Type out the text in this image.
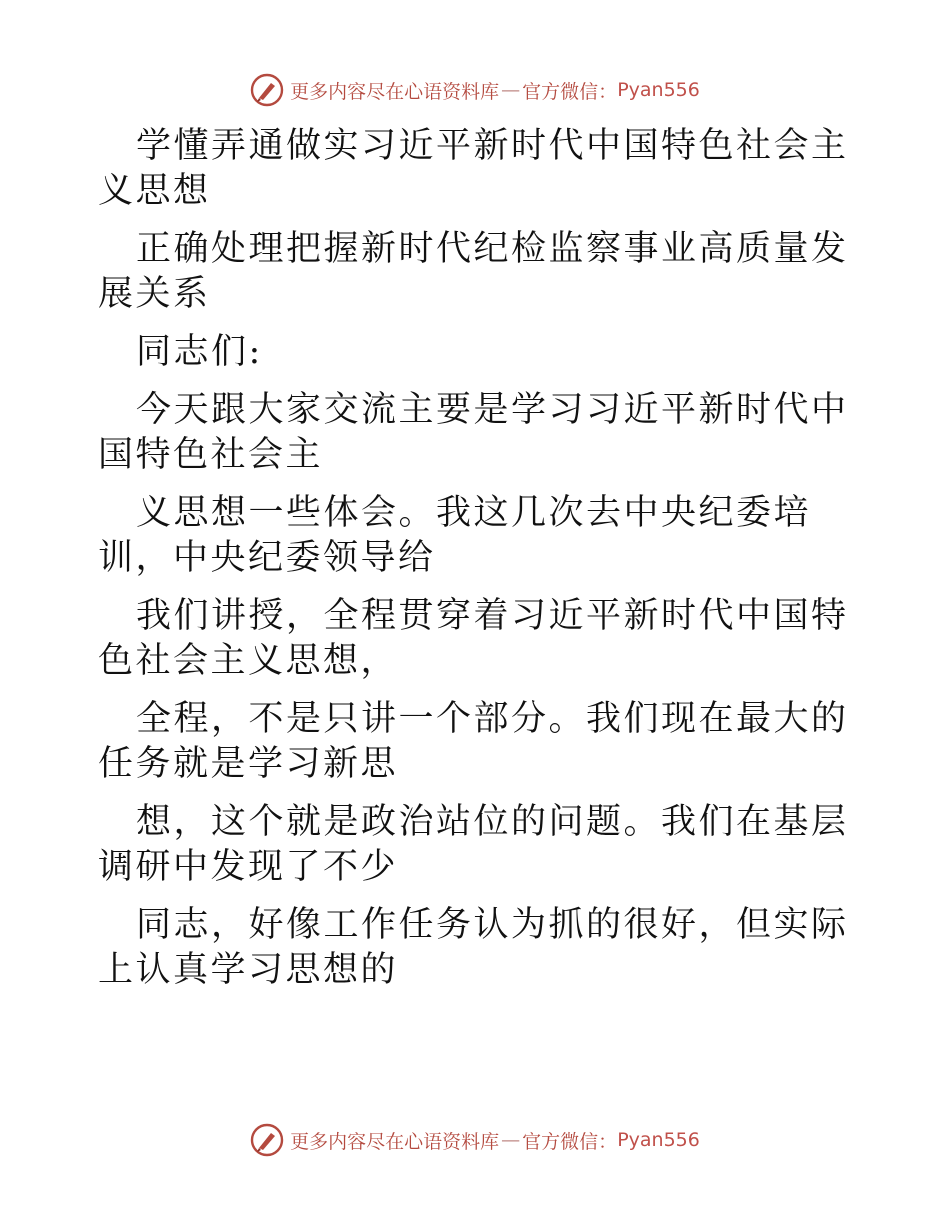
更多内容尽在心语资料库 — 官方微信： Pyan556

学懂弄通做实习近平新时代中国特色社会主义思想

正确处理把握新时代纪检监察事业高质量发展关系

同志们:

今天跟大家交流主要是学习习近平新时代中国特色社会主

义思想一些体会。我这几次去中央纪委培训，中央纪委领导给

我们讲授，全程贯穿着习近平新时代中国特色社会主义思想，

全程，不是只讲一个部分。我们现在最大的任务就是学习新思

想，这个就是政治站位的问题。我们在基层调研中发现了不少

同志，好像工作任务认为抓的很好，但实际上认真学习思想的

更多内容尽在心语资料库 — 官方微信： Pyan556
